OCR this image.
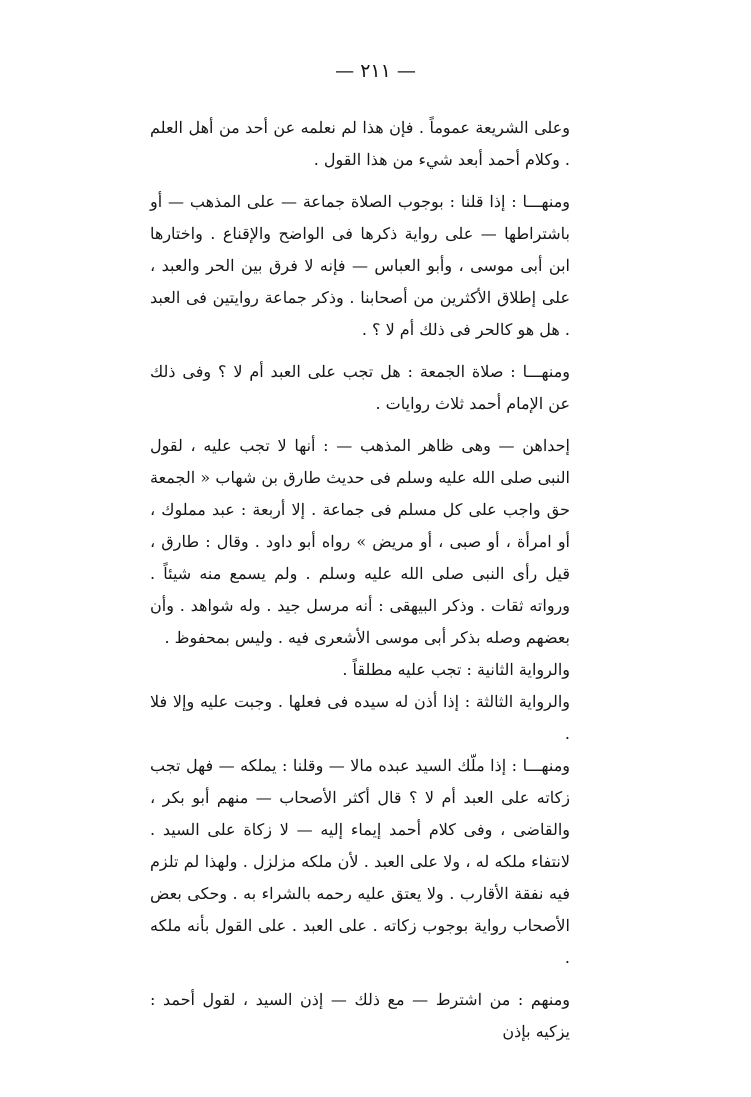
— ٢١١ —

وعلى الشريعة عموماً . فإن هذا لم نعلمه عن أحد من أهل العلم . وكلام أحمد أبعد شيء من هذا القول .

ومنهـــا : إذا قلنا : بوجوب الصلاة جماعة — على المذهب — أو باشتراطها — على رواية ذكرها فى الواضح والإقناع . واختارها ابن أبى موسى ، وأبو العباس — فإنه لا فرق بين الحر والعبد ، على إطلاق الأكثرين من أصحابنا . وذكر جماعة روايتين فى العبد . هل هو كالحر فى ذلك أم لا ؟ .

ومنهـــا : صلاة الجمعة : هل تجب على العبد أم لا ؟ وفى ذلك عن الإمام أحمد ثلاث روايات .

إحداهن — وهى ظاهر المذهب — : أنها لا تجب عليه ، لقول النبى صلى الله عليه وسلم فى حديث طارق بن شهاب « الجمعة حق واجب على كل مسلم فى جماعة . إلا أربعة : عبد مملوك ، أو امرأة ، أو صبى ، أو مريض » رواه أبو داود . وقال : طارق ، قيل رأى النبى صلى الله عليه وسلم . ولم يسمع منه شيئاً . ورواته ثقات . وذكر البيهقى : أنه مرسل جيد . وله شواهد . وأن بعضهم وصله بذكر أبى موسى الأشعرى فيه . وليس بمحفوظ .

والرواية الثانية : تجب عليه مطلقاً .

والرواية الثالثة : إذا أذن له سيده فى فعلها . وجبت عليه وإلا فلا .

ومنهـــا : إذا ملّك السيد عبده مالا — وقلنا : يملكه — فهل تجب زكاته على العبد أم لا ؟ قال أكثر الأصحاب — منهم أبو بكر ، والقاضى ، وفى كلام أحمد إيماء إليه — لا زكاة على السيد . لانتفاء ملكه له ، ولا على العبد . لأن ملكه مزلزل . ولهذا لم تلزم فيه نفقة الأقارب . ولا يعتق عليه رحمه بالشراء به . وحكى بعض الأصحاب رواية بوجوب زكاته . على العبد . على القول بأنه ملكه .

ومنهم : من اشترط — مع ذلك — إذن السيد ، لقول أحمد : يزكيه بإذن
